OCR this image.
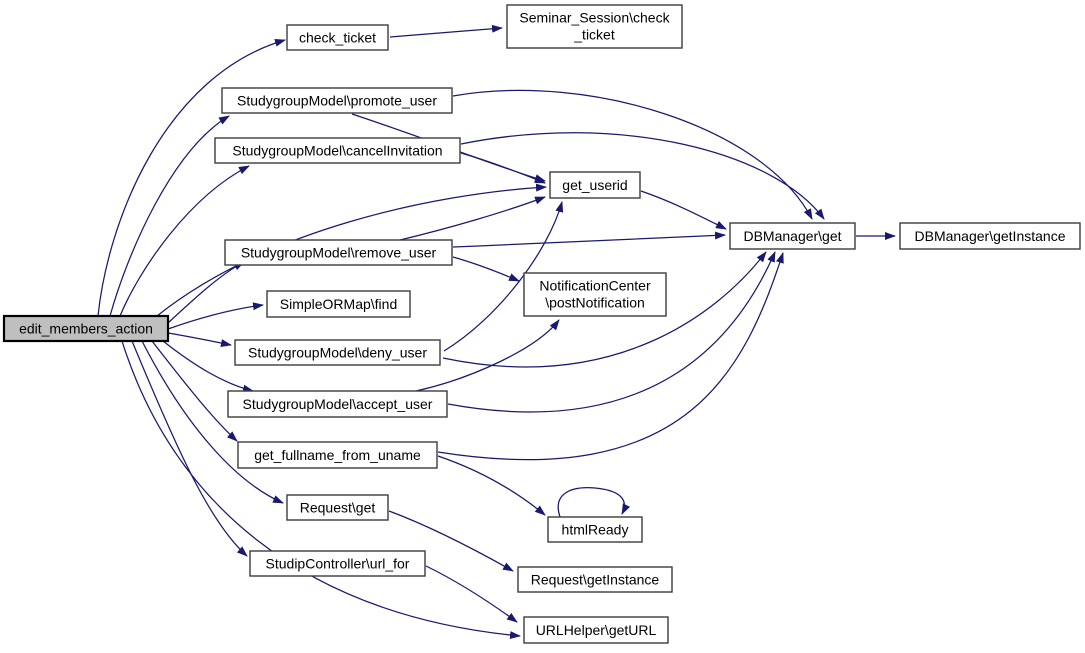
edit_members_action
check_ticket
Seminar_Session\check
_ticket
StudygroupModel\promote_user
StudygroupModel\cancelInvitation
get_userid
DBManager\get	DBManager\getInstance
StudygroupModel\remove_user
SimpleORMap\find
NotificationCenter
\postNotification
StudygroupModel\deny_user
StudygroupModel\accept_user
get_fullname_from_uname
Request\get
htmlReady
StudipController\url_for
Request\getInstance
URLHelper\getURL
